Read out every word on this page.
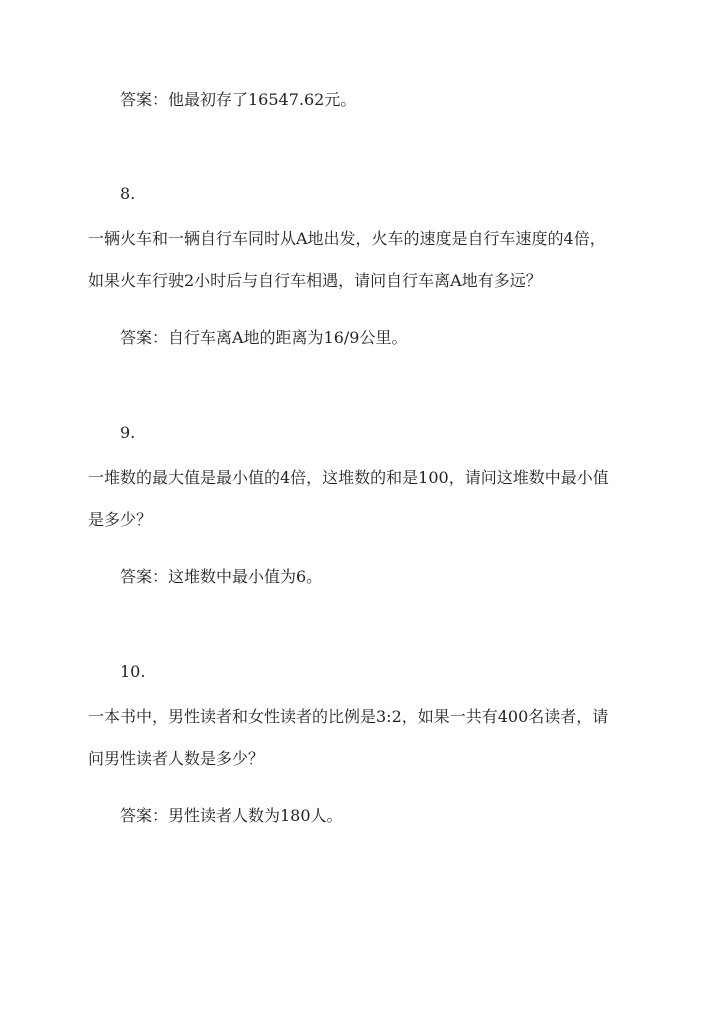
答案：他最初存了16547.62元。
8.
一辆火车和一辆自行车同时从A地出发，火车的速度是自行车速度的4倍，
如果火车行驶2小时后与自行车相遇，请问自行车离A地有多远？
答案：自行车离A地的距离为16/9公里。
9.
一堆数的最大值是最小值的4倍，这堆数的和是100，请问这堆数中最小值
是多少？
答案：这堆数中最小值为6。
10.
一本书中，男性读者和女性读者的比例是3:2，如果一共有400名读者，请
问男性读者人数是多少？
答案：男性读者人数为180人。
